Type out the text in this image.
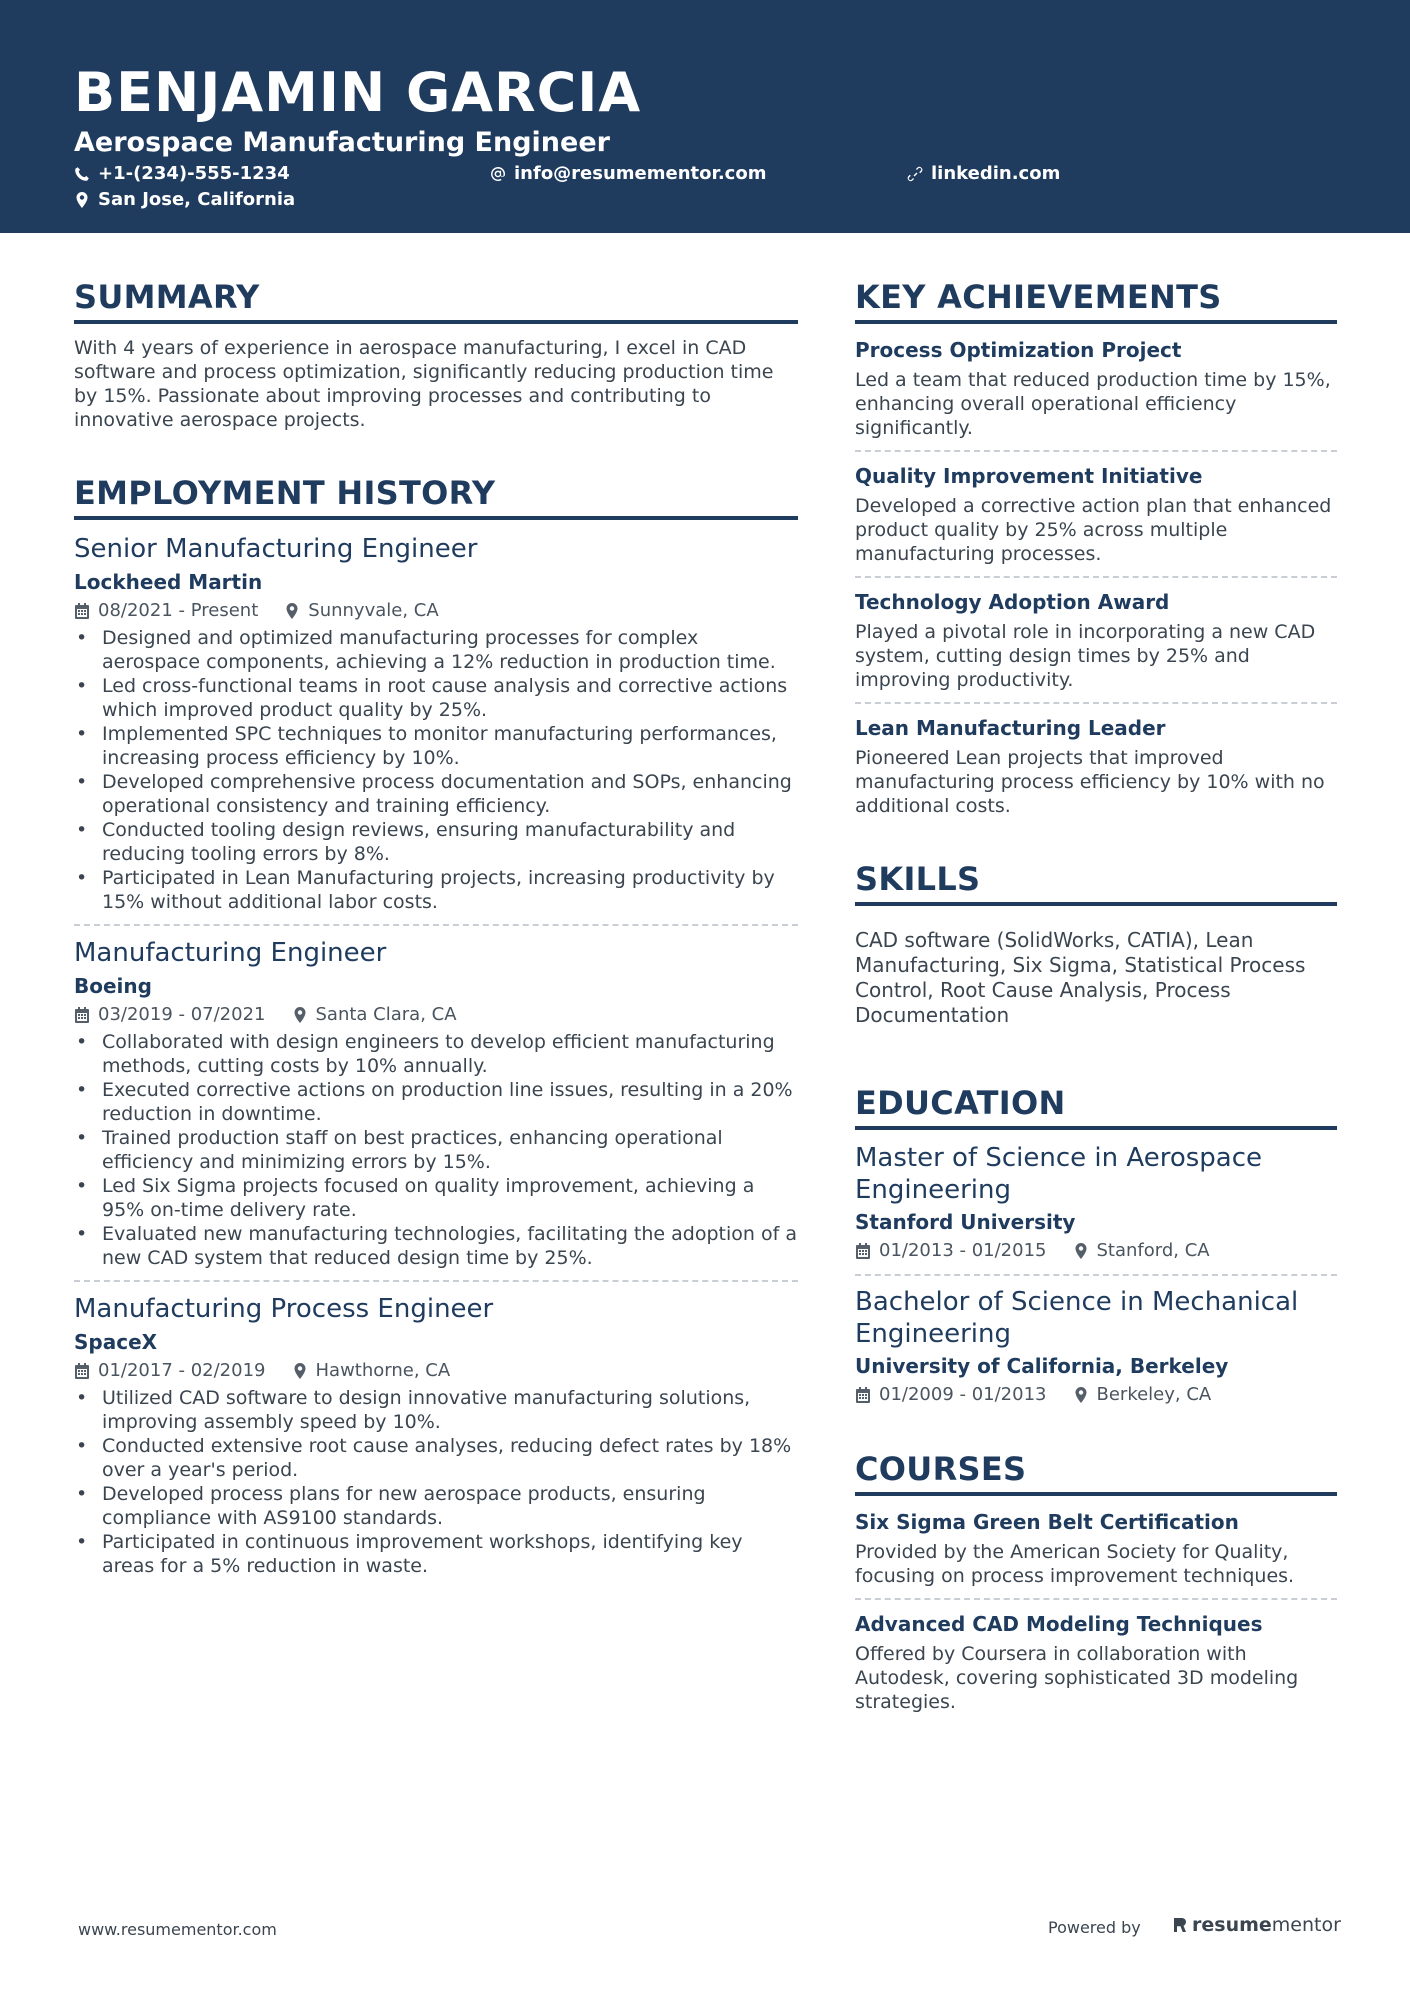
BENJAMIN GARCIA
Aerospace Manufacturing Engineer
+1-(234)-555-1234	info@resumementor.com	linkedin.com
San Jose, California
SUMMARY

With 4 years of experience in aerospace manufacturing, I excel in CAD software and process optimization, significantly reducing production time by 15%. Passionate about improving processes and contributing to innovative aerospace projects.

EMPLOYMENT HISTORY
Senior Manufacturing Engineer
Lockheed Martin
08/2021 - Present	Sunnyvale, CA
• Designed and optimized manufacturing processes for complex aerospace components, achieving a 12% reduction in production time.
• Led cross-functional teams in root cause analysis and corrective actions which improved product quality by 25%.
• Implemented SPC techniques to monitor manufacturing performances, increasing process efficiency by 10%.
• Developed comprehensive process documentation and SOPs, enhancing operational consistency and training efficiency.
• Conducted tooling design reviews, ensuring manufacturability and reducing tooling errors by 8%.
• Participated in Lean Manufacturing projects, increasing productivity by 15% without additional labor costs.
Manufacturing Engineer
Boeing
03/2019 - 07/2021	Santa Clara, CA
• Collaborated with design engineers to develop efficient manufacturing methods, cutting costs by 10% annually.
• Executed corrective actions on production line issues, resulting in a 20% reduction in downtime.
• Trained production staff on best practices, enhancing operational efficiency and minimizing errors by 15%.
• Led Six Sigma projects focused on quality improvement, achieving a 95% on-time delivery rate.
• Evaluated new manufacturing technologies, facilitating the adoption of a new CAD system that reduced design time by 25%.
Manufacturing Process Engineer
SpaceX
01/2017 - 02/2019	Hawthorne, CA
• Utilized CAD software to design innovative manufacturing solutions, improving assembly speed by 10%.
• Conducted extensive root cause analyses, reducing defect rates by 18% over a year's period.
• Developed process plans for new aerospace products, ensuring compliance with AS9100 standards.
• Participated in continuous improvement workshops, identifying key areas for a 5% reduction in waste.
KEY ACHIEVEMENTS
Process Optimization Project
Led a team that reduced production time by 15%, enhancing overall operational efficiency significantly.
Quality Improvement Initiative
Developed a corrective action plan that enhanced product quality by 25% across multiple manufacturing processes.
Technology Adoption Award
Played a pivotal role in incorporating a new CAD system, cutting design times by 25% and improving productivity.
Lean Manufacturing Leader
Pioneered Lean projects that improved manufacturing process efficiency by 10% with no additional costs.
SKILLS

CAD software (SolidWorks, CATIA), Lean Manufacturing, Six Sigma, Statistical Process Control, Root Cause Analysis, Process Documentation

EDUCATION
Master of Science in Aerospace Engineering
Stanford University
01/2013 - 01/2015	Stanford, CA
Bachelor of Science in Mechanical Engineering
University of California, Berkeley
01/2009 - 01/2013	Berkeley, CA
COURSES
Six Sigma Green Belt Certification
Provided by the American Society for Quality, focusing on process improvement techniques.
Advanced CAD Modeling Techniques
Offered by Coursera in collaboration with Autodesk, covering sophisticated 3D modeling strategies.
www.resumementor.com	Powered by	resumementor
